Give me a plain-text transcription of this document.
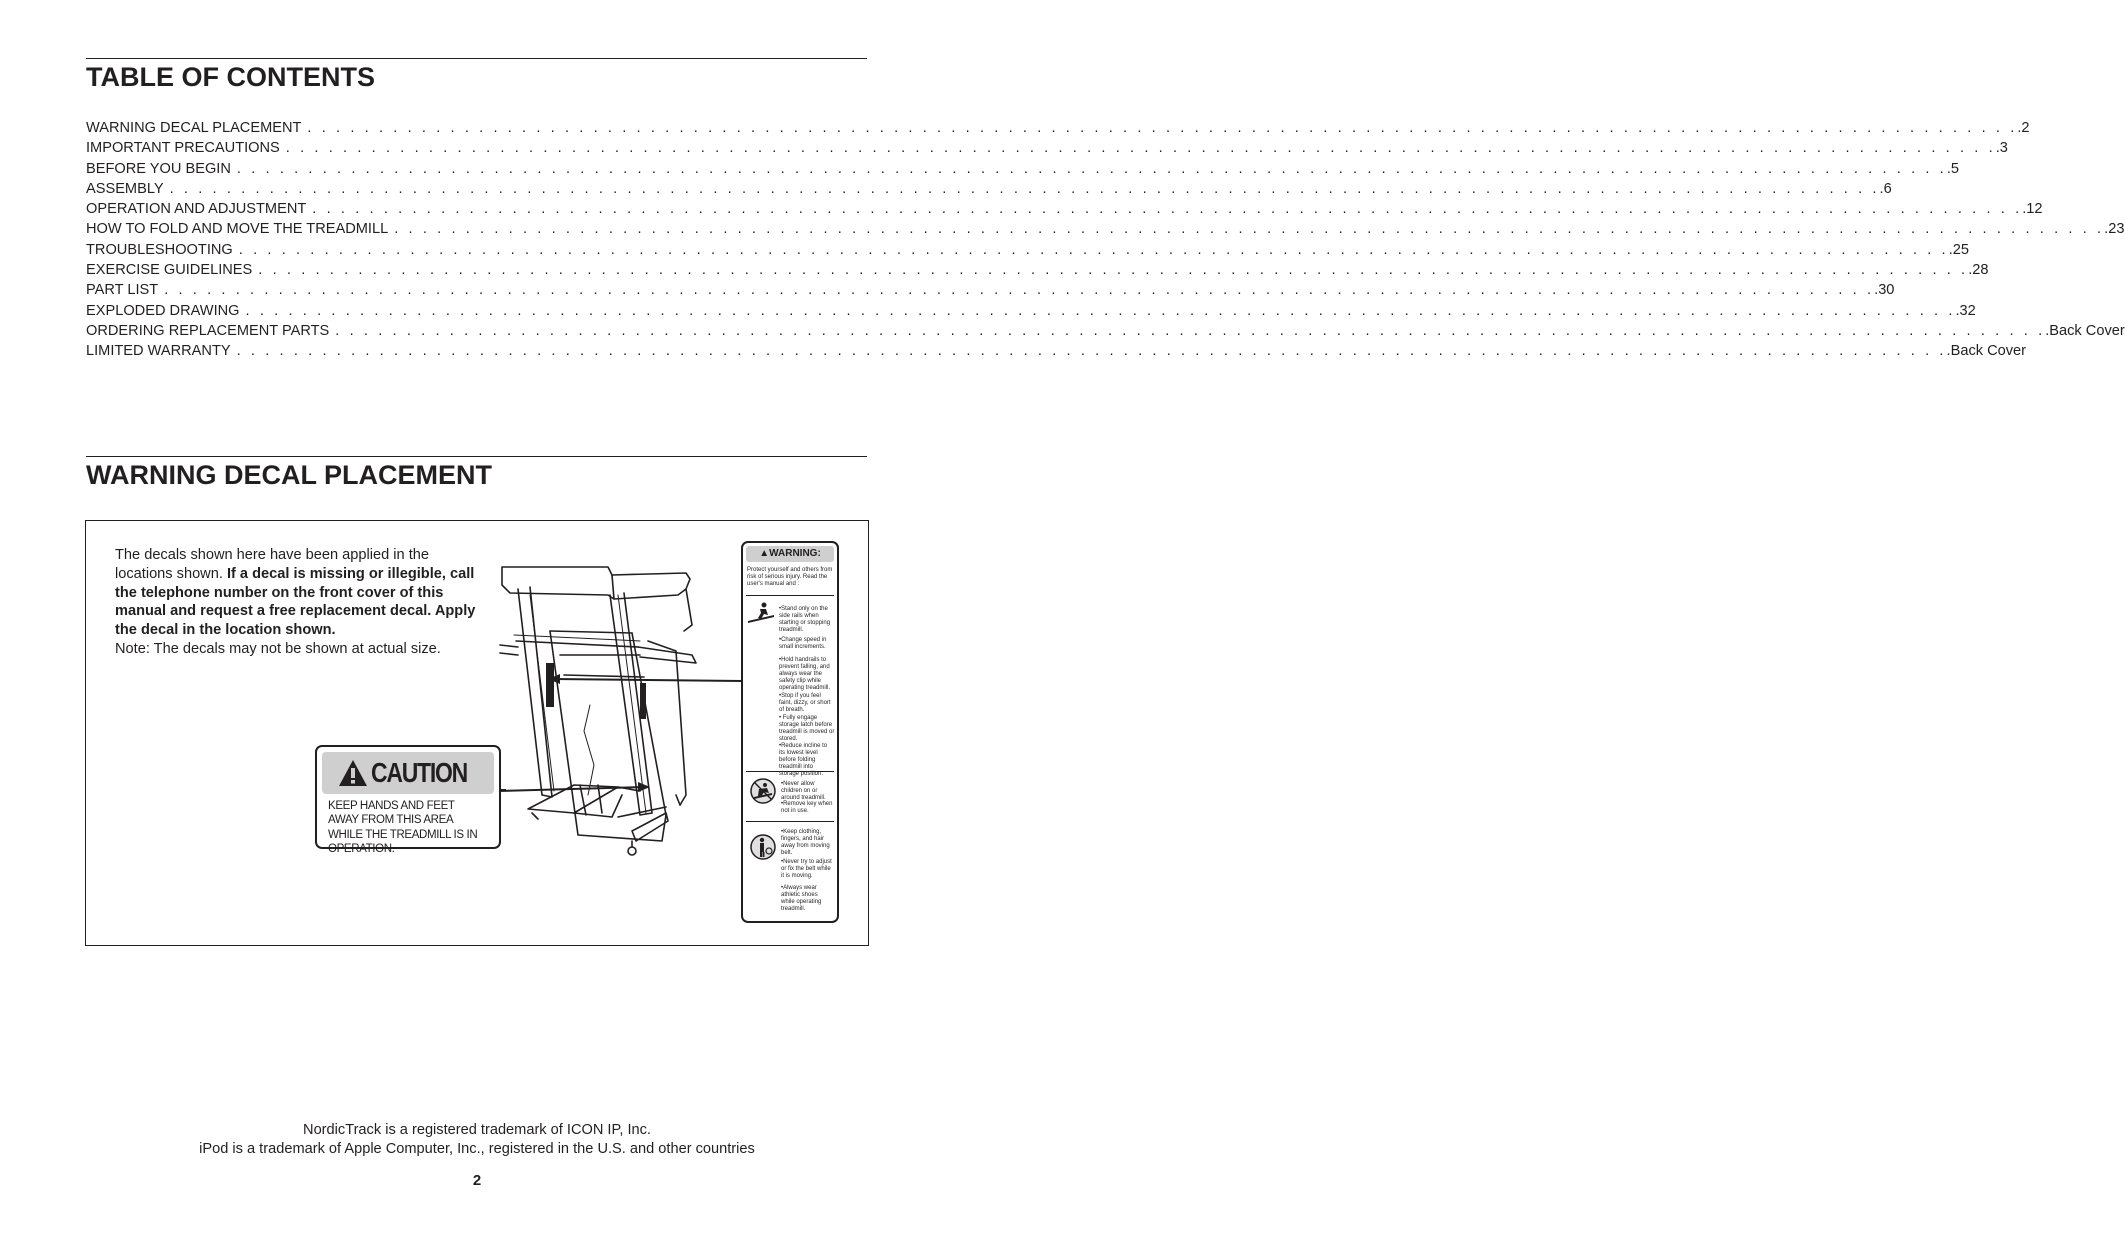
TABLE OF CONTENTS
WARNING DECAL PLACEMENT . . . . . . . . . . . . . . . . . . . . . . . . . . . . . . . . . . . . . . . . . . . . . . . . . . . . . . . . . . . . . . . . . . . . . . . . . . . . . . . . . . . . . . . . . . . . . . . . . . . . . . . . . . . . . . . . . . . . . . . . .2
IMPORTANT PRECAUTIONS . . . . . . . . . . . . . . . . . . . . . . . . . . . . . . . . . . . . . . . . . . . . . . . . . . . . . . . . . . . . . . . . . . . . . . . . . . . . . . . . . . . . . . . . . . . . . . . . . . . . . . . . . . . . . . . . . . . . . . . . .3
BEFORE YOU BEGIN . . . . . . . . . . . . . . . . . . . . . . . . . . . . . . . . . . . . . . . . . . . . . . . . . . . . . . . . . . . . . . . . . . . . . . . . . . . . . . . . . . . . . . . . . . . . . . . . . . . . . . . . . . . . . . . . . . . . . . . . .5
ASSEMBLY . . . . . . . . . . . . . . . . . . . . . . . . . . . . . . . . . . . . . . . . . . . . . . . . . . . . . . . . . . . . . . . . . . . . . . . . . . . . . . . . . . . . . . . . . . . . . . . . . . . . . . . . . . . . . . . . . . . . . . . . .6
OPERATION AND ADJUSTMENT . . . . . . . . . . . . . . . . . . . . . . . . . . . . . . . . . . . . . . . . . . . . . . . . . . . . . . . . . . . . . . . . . . . . . . . . . . . . . . . . . . . . . . . . . . . . . . . . . . . . . . . . . . . . . . . . . . . . . . . . .12
HOW TO FOLD AND MOVE THE TREADMILL . . . . . . . . . . . . . . . . . . . . . . . . . . . . . . . . . . . . . . . . . . . . . . . . . . . . . . . . . . . . . . . . . . . . . . . . . . . . . . . . . . . . . . . . . . . . . . . . . . . . . . . . . . . . . . . . . . . . . . . . .23
TROUBLESHOOTING . . . . . . . . . . . . . . . . . . . . . . . . . . . . . . . . . . . . . . . . . . . . . . . . . . . . . . . . . . . . . . . . . . . . . . . . . . . . . . . . . . . . . . . . . . . . . . . . . . . . . . . . . . . . . . . . . . . . . . . . .25
EXERCISE GUIDELINES . . . . . . . . . . . . . . . . . . . . . . . . . . . . . . . . . . . . . . . . . . . . . . . . . . . . . . . . . . . . . . . . . . . . . . . . . . . . . . . . . . . . . . . . . . . . . . . . . . . . . . . . . . . . . . . . . . . . . . . . .28
PART LIST . . . . . . . . . . . . . . . . . . . . . . . . . . . . . . . . . . . . . . . . . . . . . . . . . . . . . . . . . . . . . . . . . . . . . . . . . . . . . . . . . . . . . . . . . . . . . . . . . . . . . . . . . . . . . . . . . . . . . . . . .30
EXPLODED DRAWING . . . . . . . . . . . . . . . . . . . . . . . . . . . . . . . . . . . . . . . . . . . . . . . . . . . . . . . . . . . . . . . . . . . . . . . . . . . . . . . . . . . . . . . . . . . . . . . . . . . . . . . . . . . . . . . . . . . . . . . . .32
ORDERING REPLACEMENT PARTS . . . . . . . . . . . . . . . . . . . . . . . . . . . . . . . . . . . . . . . . . . . . . . . . . . . . . . . . . . . . . . . . . . . . . . . . . . . . . . . . . . . . . . . . . . . . . . . . . . . . . . . . . . . . . . . . . . . . . . . . .Back Cover
LIMITED WARRANTY . . . . . . . . . . . . . . . . . . . . . . . . . . . . . . . . . . . . . . . . . . . . . . . . . . . . . . . . . . . . . . . . . . . . . . . . . . . . . . . . . . . . . . . . . . . . . . . . . . . . . . . . . . . . . . . . . . . . . . . . .Back Cover
WARNING DECAL PLACEMENT
The decals shown here have been applied in the locations shown. If a decal is missing or illegible, call the telephone number on the front cover of this manual and request a free replacement decal. Apply the decal in the location shown.
Note: The decals may not be shown at actual size.
CAUTION
KEEP HANDS AND FEET AWAY FROM THIS AREA WHILE THE TREADMILL IS IN OPERATION.
▲WARNING:
Protect yourself and others from risk of serious injury. Read the user's manual and :
•Stand only on the side rails when starting or stopping treadmill.
•Change speed in small increments.
•Hold handrails to prevent falling, and always wear the safety clip while operating treadmill.
•Stop if you feel faint, dizzy, or short of breath.
• Fully engage storage latch before treadmill is moved or stored.
•Reduce incline to its lowest level before folding treadmill into storage position.
•Never allow children on or around treadmill.
•Remove key when not in use.
•Keep clothing, fingers, and hair away from moving belt.
•Never try to adjust or fix the belt while it is moving.
•Always wear athletic shoes while operating treadmill.
NordicTrack is a registered trademark of ICON IP, Inc.
iPod is a trademark of Apple Computer, Inc., registered in the U.S. and other countries
2
